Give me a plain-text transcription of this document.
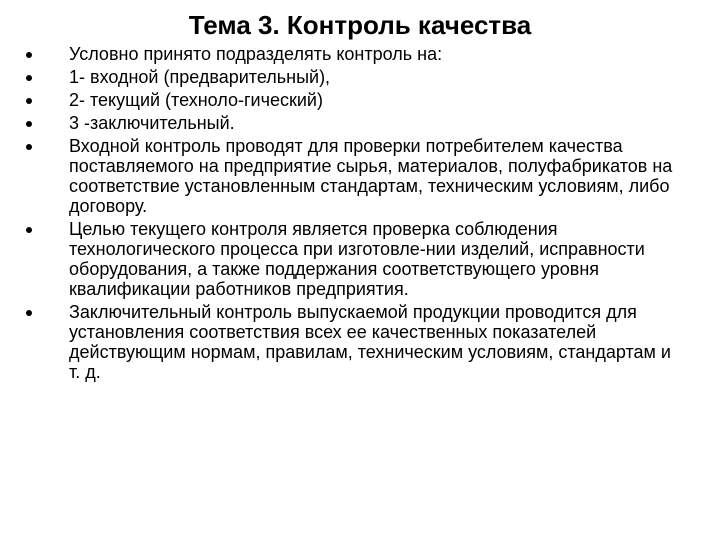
Тема 3. Контроль качества
Условно принято подразделять контроль на:
1- входной (предварительный),
2- текущий (техноло-гический)
3 -заключительный.
Входной контроль проводят для проверки потребителем качества поставляемого на предприятие сырья, материалов, полуфабрикатов на соответствие установленным стандартам, техническим условиям, либо договору.
Целью текущего контроля является проверка соблюдения технологического процесса при изготовле-нии изделий, исправности оборудования, а также поддержания соответствующего уровня квалификации работников предприятия.
Заключительный контроль выпускаемой продукции проводится для установления соответствия всех ее качественных показателей действующим нормам, правилам, техническим условиям, стандартам и т. д.
